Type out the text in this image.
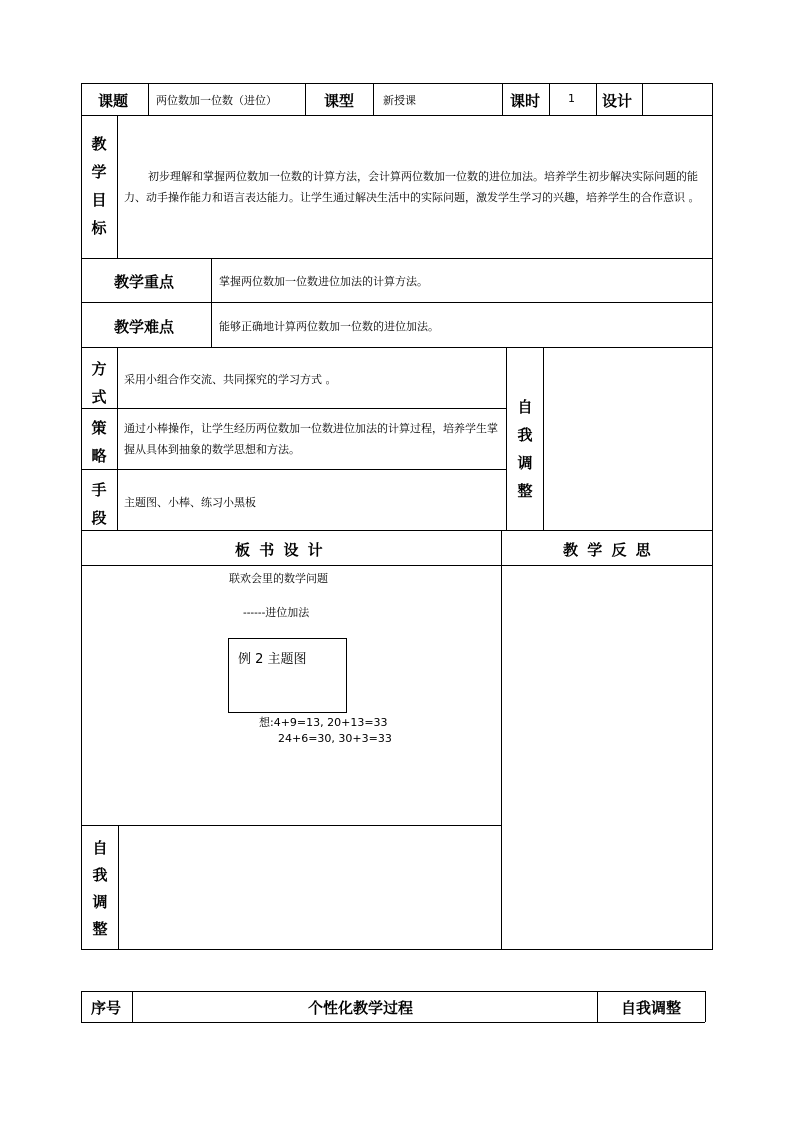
课题	两位数加一位数（进位）	课型	新授课	课时	1 设计
教学目标
初步理解和掌握两位数加一位数的计算方法，会计算两位数加一位数的进位加法。培养学生初步解决实际问题的能力、动手操作能力和语言表达能力。让学生通过解决生活中的实际问题，激发学生学习的兴趣，培养学生的合作意识 。
教学重点	掌握两位数加一位数进位加法的计算方法。
教学难点	能够正确地计算两位数加一位数的进位加法。
方式
采用小组合作交流、共同探究的学习方式 。
策略
通过小棒操作，让学生经历两位数加一位数进位加法的计算过程，培养学生掌握从具体到抽象的数学思想和方法。
手段
主题图、小棒、练习小黑板
自我调整
板 书 设 计	教 学 反 思
联欢会里的数学问题
------进位加法
例 2 主题图
想:4+9=13, 20+13=33
24+6=30, 30+3=33
自我调整
序号	个性化教学过程	自我调整
